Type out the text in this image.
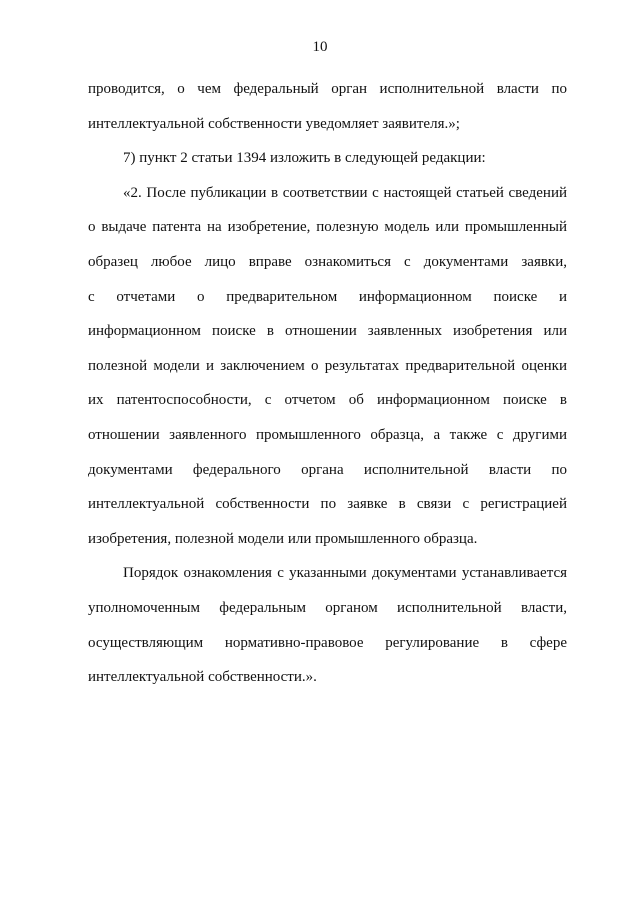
10
проводится, о чем федеральный орган исполнительной власти по
интеллектуальной собственности уведомляет заявителя.»;
7) пункт 2 статьи 1394 изложить в следующей редакции:
«2. После публикации в соответствии с настоящей статьей сведений
о выдаче патента на изобретение, полезную модель или промышленный
образец любое лицо вправе ознакомиться с документами заявки,
с отчетами о предварительном информационном поиске и
информационном поиске в отношении заявленных изобретения или
полезной модели и заключением о результатах предварительной оценки
их патентоспособности, с отчетом об информационном поиске в
отношении заявленного промышленного образца, а также с другими
документами федерального органа исполнительной власти по
интеллектуальной собственности по заявке в связи с регистрацией
изобретения, полезной модели или промышленного образца.
Порядок ознакомления с указанными документами устанавливается
уполномоченным федеральным органом исполнительной власти,
осуществляющим нормативно-правовое регулирование в сфере
интеллектуальной собственности.».
